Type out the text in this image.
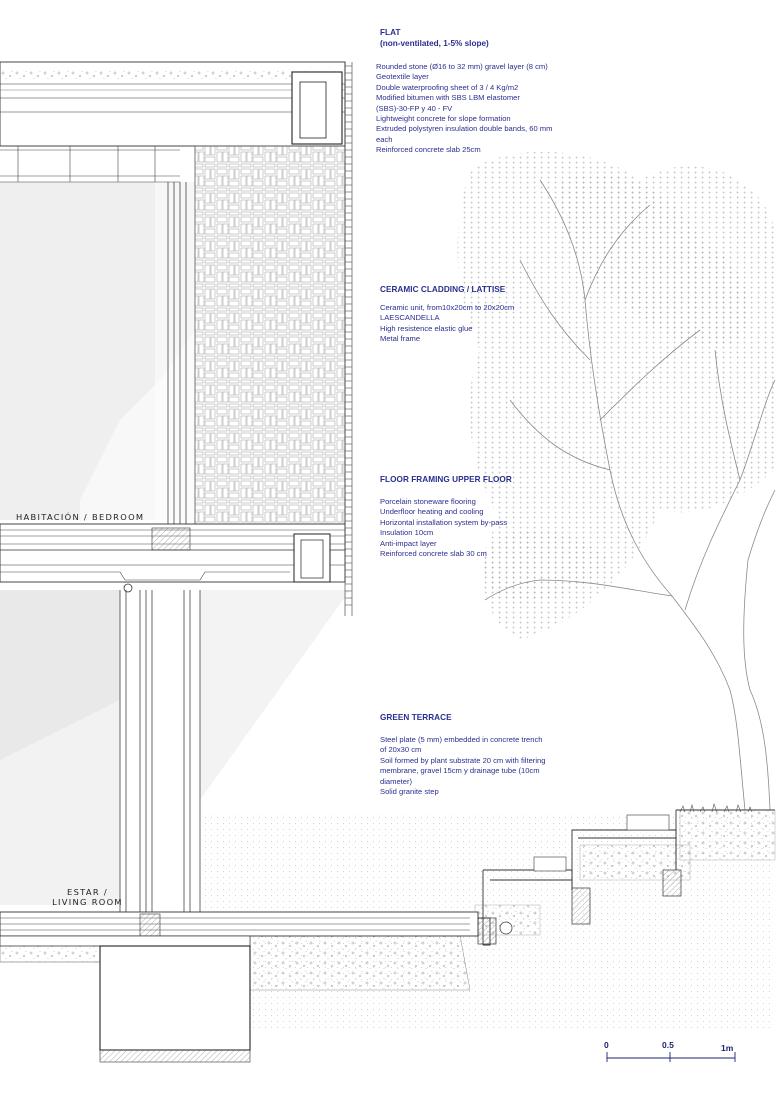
FLAT
(non-ventilated, 1-5% slope)
Rounded stone (Ø16 to 32 mm) gravel layer (8 cm)
Geotextile layer
Double waterproofing sheet of 3 / 4 Kg/m2
Modified bitumen with SBS LBM elastomer
(SBS)-30-FP y 40 - FV
Lightweight concrete for slope formation
Extruded polystyren insulation double bands, 60 mm
each
Reinforced concrete slab 25cm
CERAMIC CLADDING / LATTISE
Ceramic unit, from10x20cm to 20x20cm
LAESCANDELLA
High resistence elastic glue
Metal frame
FLOOR FRAMING UPPER FLOOR
Porcelain stoneware flooring
Underfloor heating and cooling
Horizontal installation system by-pass
Insulation 10cm
Anti-impact layer
Reinforced concrete slab 30 cm
GREEN TERRACE
Steel plate (5 mm) embedded in concrete trench
of 20x30 cm
Soil formed by plant substrate 20 cm with filtering
membrane, gravel 15cm y drainage tube (10cm
diameter)
Solid granite step
HABITACIÓN / BEDROOM
ESTAR /
LIVING ROOM
0	0.5	1m
